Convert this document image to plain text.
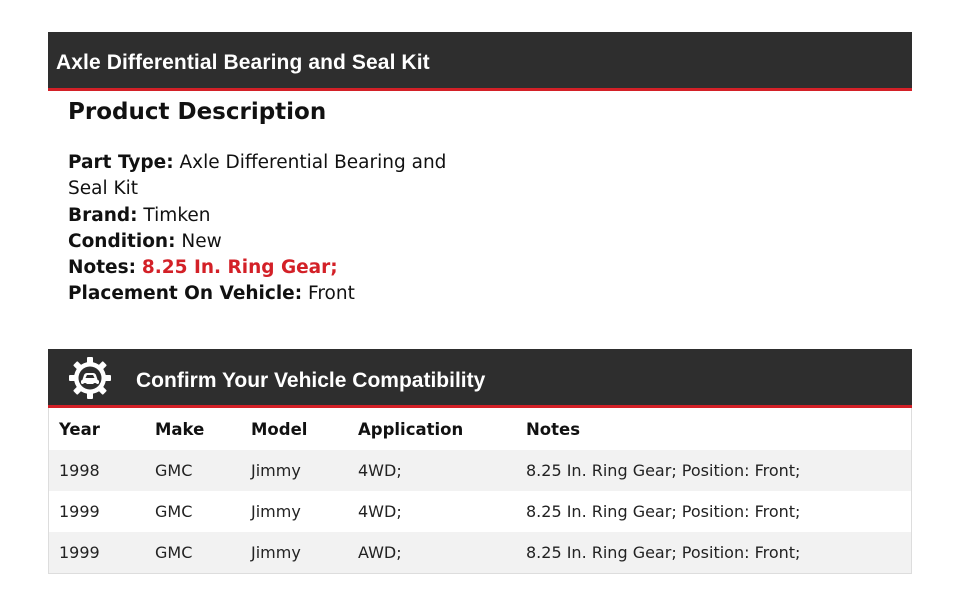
Axle Differential Bearing and Seal Kit
Product Description
Part Type: Axle Differential Bearing and Seal Kit
Brand: Timken
Condition: New
Notes: 8.25 In. Ring Gear;
Placement On Vehicle: Front
Confirm Your Vehicle Compatibility
Year	Make	Model	Application	Notes
1998	GMC	Jimmy	4WD;	8.25 In. Ring Gear; Position: Front;
1999	GMC	Jimmy	4WD;	8.25 In. Ring Gear; Position: Front;
1999	GMC	Jimmy	AWD;	8.25 In. Ring Gear; Position: Front;
